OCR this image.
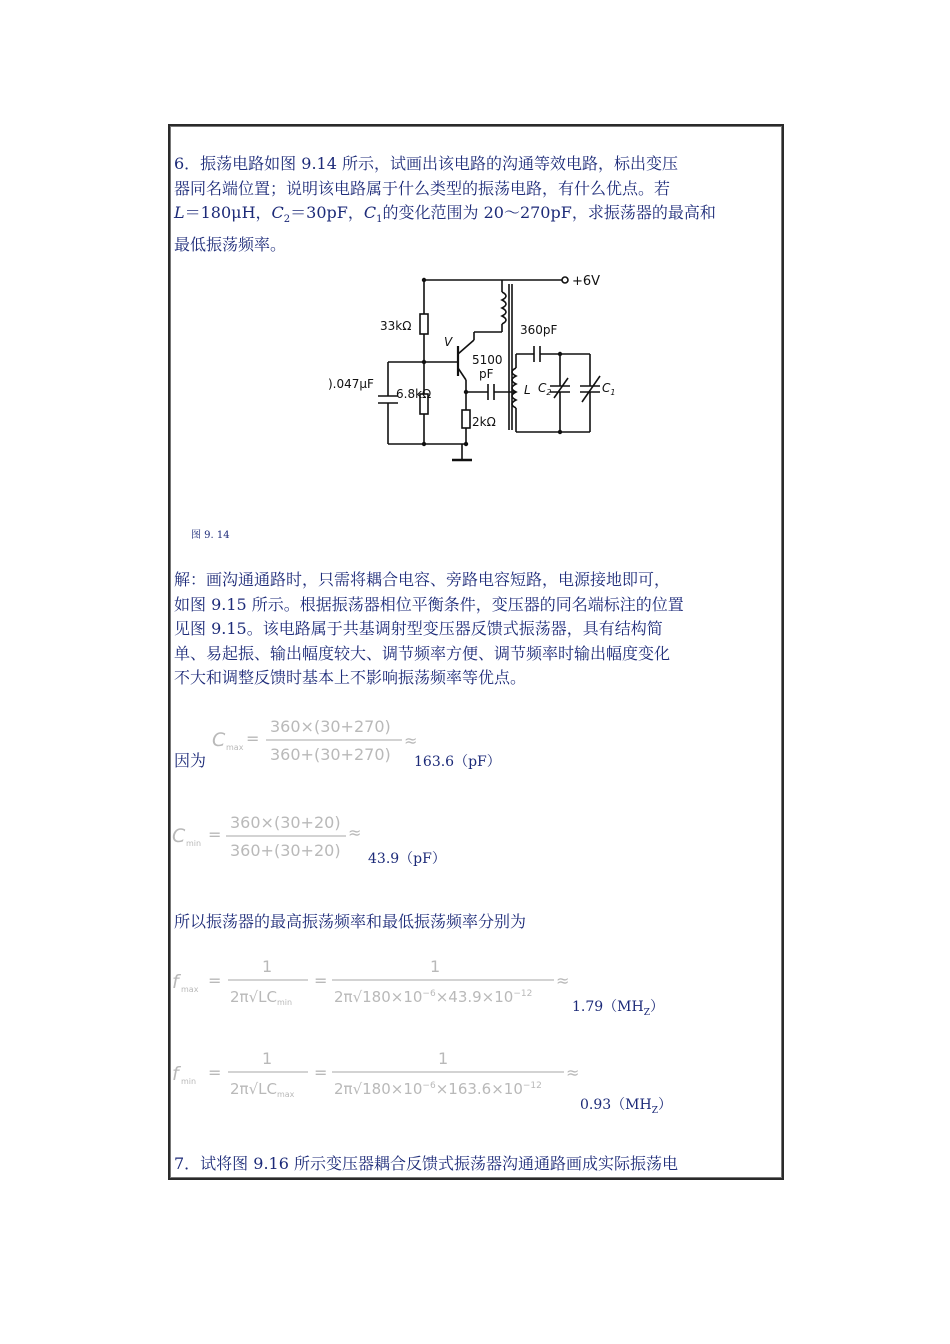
6．振荡电路如图 9.14 所示，试画出该电路的沟通等效电路，标出变压
器同名端位置；说明该电路属于什么类型的振荡电路，有什么优点。若
L＝180μH，$C_2=30pF$，$C_1$的变化范围为 20～270pF，求振荡器的最高和
最低振荡频率。
+6V
33kΩ
6.8kΩ
2kΩ
).047μF
V
5100
pF
360pF
L $C_2$	$C_1$
图 9. 14
解：画沟通通路时，只需将耦合电容、旁路电容短路，电源接地即可，
如图 9.15 所示。根据振荡器相位平衡条件，变压器的同名端标注的位置
见图 9.15。该电路属于共基调射型变压器反馈式振荡器，具有结构简
单、易起振、输出幅度较大、调节频率方便、调节频率时输出幅度变化
不大和调整反馈时基本上不影响振荡频率等优点。
因为
C max =
360×(30+270)
360+(30+270)
≈
163.6（pF）
C min =
360×(30+20)
360+(30+20)
≈
43.9（pF）
所以振荡器的最高振荡频率和最低振荡频率分别为
f max =
1
$2\pi√LC_{min}$
=
1
$2\pi√180\times 10^{-6}\times 43.9\times 10^{-12}$
≈
$1.79(MH_Z)$
f min =
1
$2\pi√LC_{max}$
=
1
$2\pi√180\times 10^{-6}\times 163.6\times 10^{-12}$
≈
$0.93(MH_Z)$
7．试将图 9.16 所示变压器耦合反馈式振荡器沟通通路画成实际振荡电
